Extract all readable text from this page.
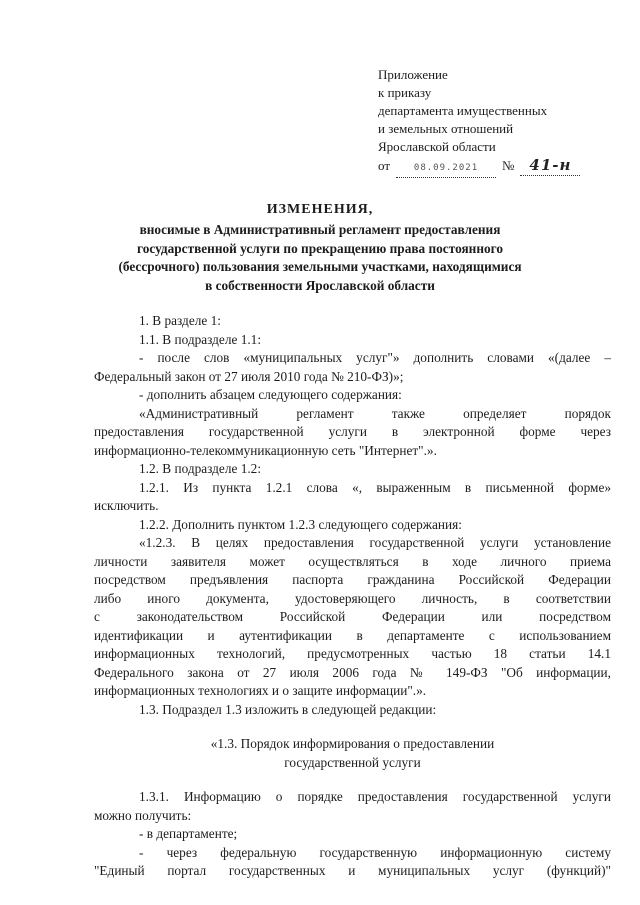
Приложение
к приказу
департамента имущественных
и земельных отношений
Ярославской области
от	08.09.2021 № 41-н
ИЗМЕНЕНИЯ,
вносимые в Административный регламент предоставления
государственной услуги по прекращению права постоянного
(бессрочного) пользования земельными участками, находящимися
в собственности Ярославской области
1. В разделе 1:
1.1. В подразделе 1.1:
- после слов «муниципальных услуг"» дополнить словами «(далее –
Федеральный закон от 27 июля 2010 года № 210-ФЗ)»;
- дополнить абзацем следующего содержания:
«Административный регламент также определяет порядок
предоставления государственной услуги в электронной форме через
информационно-телекоммуникационную сеть "Интернет".».
1.2. В подразделе 1.2:
1.2.1. Из пункта 1.2.1 слова «, выраженным в письменной форме»
исключить.
1.2.2. Дополнить пунктом 1.2.3 следующего содержания:
«1.2.3. В целях предоставления государственной услуги установление
личности заявителя может осуществляться в ходе личного приема
посредством предъявления паспорта гражданина Российской Федерации
либо иного документа, удостоверяющего личность, в соответствии
с законодательством Российской Федерации или посредством
идентификации и аутентификации в департаменте с использованием
информационных технологий, предусмотренных частью 18 статьи 14.1
Федерального закона от 27 июля 2006 года № 149-ФЗ "Об информации,
информационных технологиях и о защите информации".».
1.3. Подраздел 1.3 изложить в следующей редакции:
«1.3. Порядок информирования о предоставлении
государственной услуги
1.3.1. Информацию о порядке предоставления государственной услуги
можно получить:
- в департаменте;
- через федеральную государственную информационную систему
"Единый портал государственных и муниципальных услуг (функций)"
